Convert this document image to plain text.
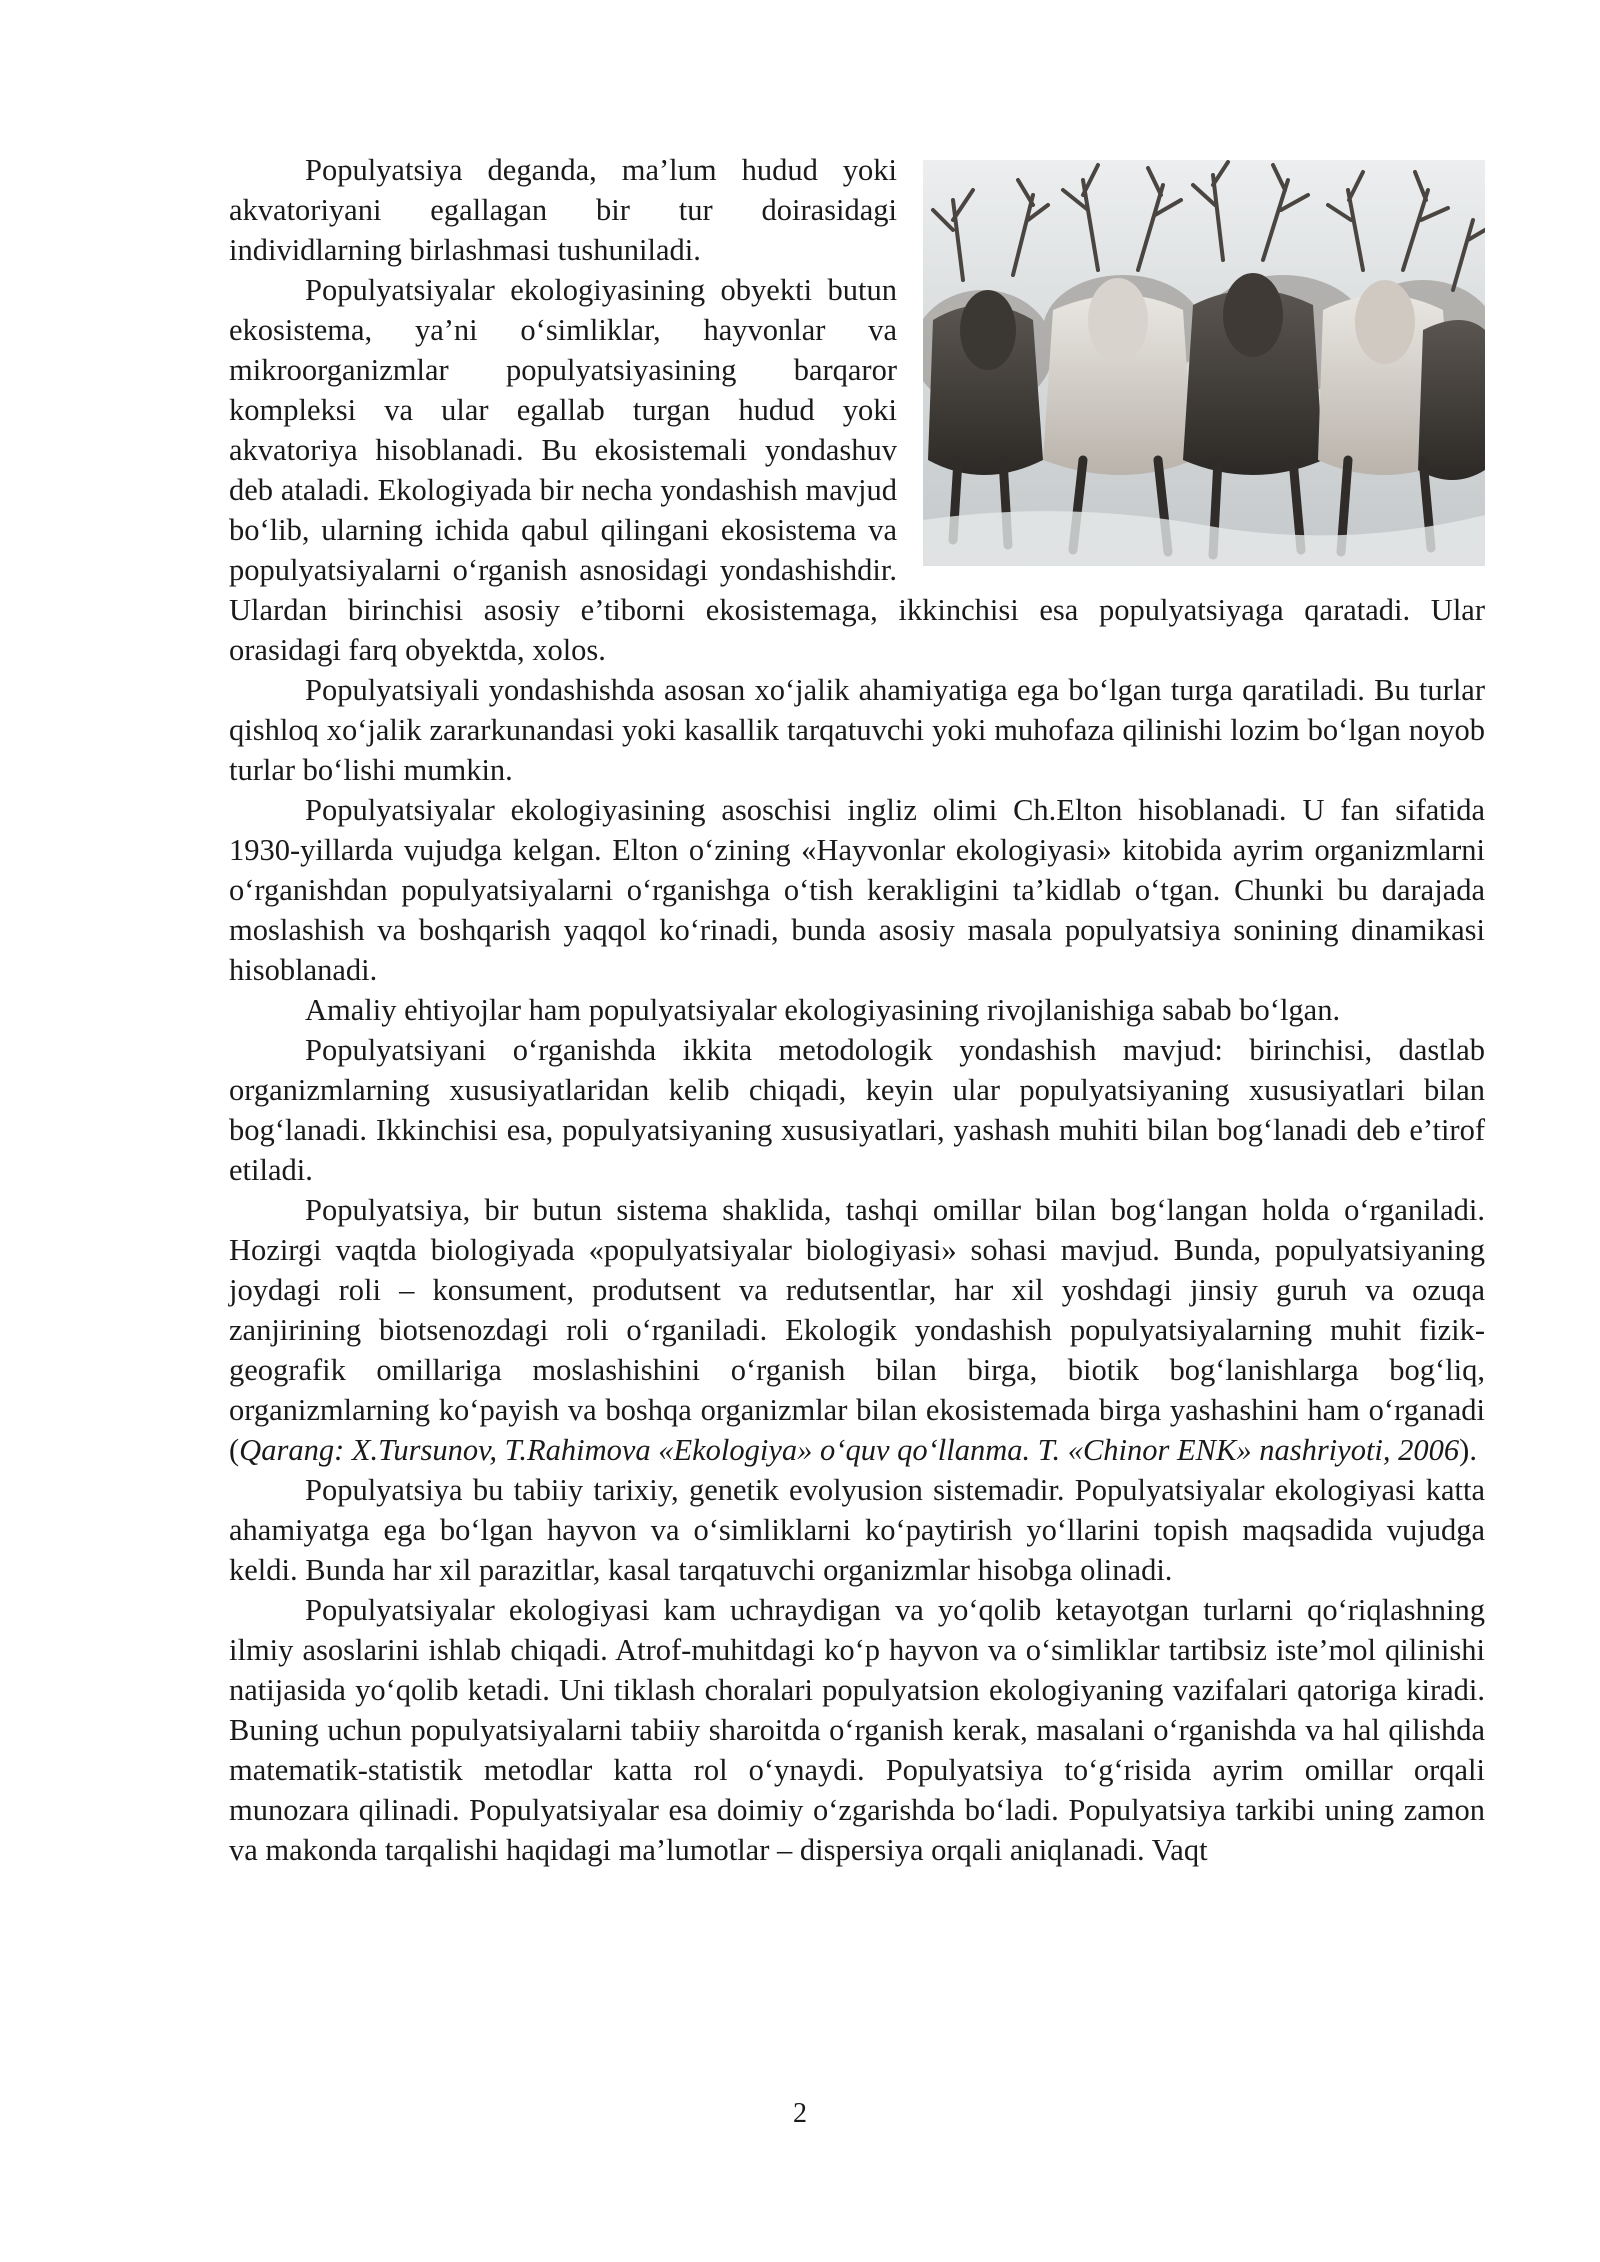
Populyatsiya deganda, ma’lum hudud yoki akvatoriyani egallagan bir tur doirasidagi individlarning birlashmasi tushuniladi.

Populyatsiyalar ekologiyasining obyekti butun ekosistema, ya’ni o‘simliklar, hayvonlar va mikroorganizmlar populyatsiyasining barqaror kompleksi va ular egallab turgan hudud yoki akvatoriya hisoblanadi. Bu ekosistemali yondashuv deb ataladi. Ekologiyada bir necha yondashish mavjud bo‘lib, ularning ichida qabul qilingani ekosistema va populyatsiyalarni o‘rganish asnosidagi yondashishdir. Ulardan birinchisi asosiy e’tiborni ekosistemaga, ikkinchisi esa populyatsiyaga qaratadi. Ular orasidagi farq obyektda, xolos.

Populyatsiyali yondashishda asosan xo‘jalik ahamiyatiga ega bo‘lgan turga qaratiladi. Bu turlar qishloq xo‘jalik zararkunandasi yoki kasallik tarqatuvchi yoki muhofaza qilinishi lozim bo‘lgan noyob turlar bo‘lishi mumkin.

Populyatsiyalar ekologiyasining asoschisi ingliz olimi Ch.Elton hisoblanadi. U fan sifatida 1930-yillarda vujudga kelgan. Elton o‘zining «Hayvonlar ekologiyasi» kitobida ayrim organizmlarni o‘rganishdan populyatsiyalarni o‘rganishga o‘tish kerakligini ta’kidlab o‘tgan. Chunki bu darajada moslashish va boshqarish yaqqol ko‘rinadi, bunda asosiy masala populyatsiya sonining dinamikasi hisoblanadi.

Amaliy ehtiyojlar ham populyatsiyalar ekologiyasining rivojlanishiga sabab bo‘lgan.

Populyatsiyani o‘rganishda ikkita metodologik yondashish mavjud: birinchisi, dastlab organizmlarning xususiyatlaridan kelib chiqadi, keyin ular populyatsiyaning xususiyatlari bilan bog‘lanadi. Ikkinchisi esa, populyatsiyaning xususiyatlari, yashash muhiti bilan bog‘lanadi deb e’tirof etiladi.

Populyatsiya, bir butun sistema shaklida, tashqi omillar bilan bog‘langan holda o‘rganiladi. Hozirgi vaqtda biologiyada «populyatsiyalar biologiyasi» sohasi mavjud. Bunda, populyatsiyaning joydagi roli – konsument, produtsent va redutsentlar, har xil yoshdagi jinsiy guruh va ozuqa zanjirining biotsenozdagi roli o‘rganiladi. Ekologik yondashish populyatsiyalarning muhit fizik-geografik omillariga moslashishini o‘rganish bilan birga, biotik bog‘lanishlarga bog‘liq, organizmlarning ko‘payish va boshqa organizmlar bilan ekosistemada birga yashashini ham o‘rganadi (Qarang: X.Tursunov, T.Rahimova «Ekologiya» o‘quv qo‘llanma. T. «Chinor ENK» nashriyoti, 2006).

Populyatsiya bu tabiiy tarixiy, genetik evolyusion sistemadir. Populyatsiyalar ekologiyasi katta ahamiyatga ega bo‘lgan hayvon va o‘simliklarni ko‘paytirish yo‘llarini topish maqsadida vujudga keldi. Bunda har xil parazitlar, kasal tarqatuvchi organizmlar hisobga olinadi.

Populyatsiyalar ekologiyasi kam uchraydigan va yo‘qolib ketayotgan turlarni qo‘riqlashning ilmiy asoslarini ishlab chiqadi. Atrof-muhitdagi ko‘p hayvon va o‘simliklar tartibsiz iste’mol qilinishi natijasida yo‘qolib ketadi. Uni tiklash choralari populyatsion ekologiyaning vazifalari qatoriga kiradi. Buning uchun populyatsiyalarni tabiiy sharoitda o‘rganish kerak, masalani o‘rganishda va hal qilishda matematik-statistik metodlar katta rol o‘ynaydi. Populyatsiya to‘g‘risida ayrim omillar orqali munozara qilinadi. Populyatsiyalar esa doimiy o‘zgarishda bo‘ladi. Populyatsiya tarkibi uning zamon va makonda tarqalishi haqidagi ma’lumotlar – dispersiya orqali aniqlanadi. Vaqt

2
